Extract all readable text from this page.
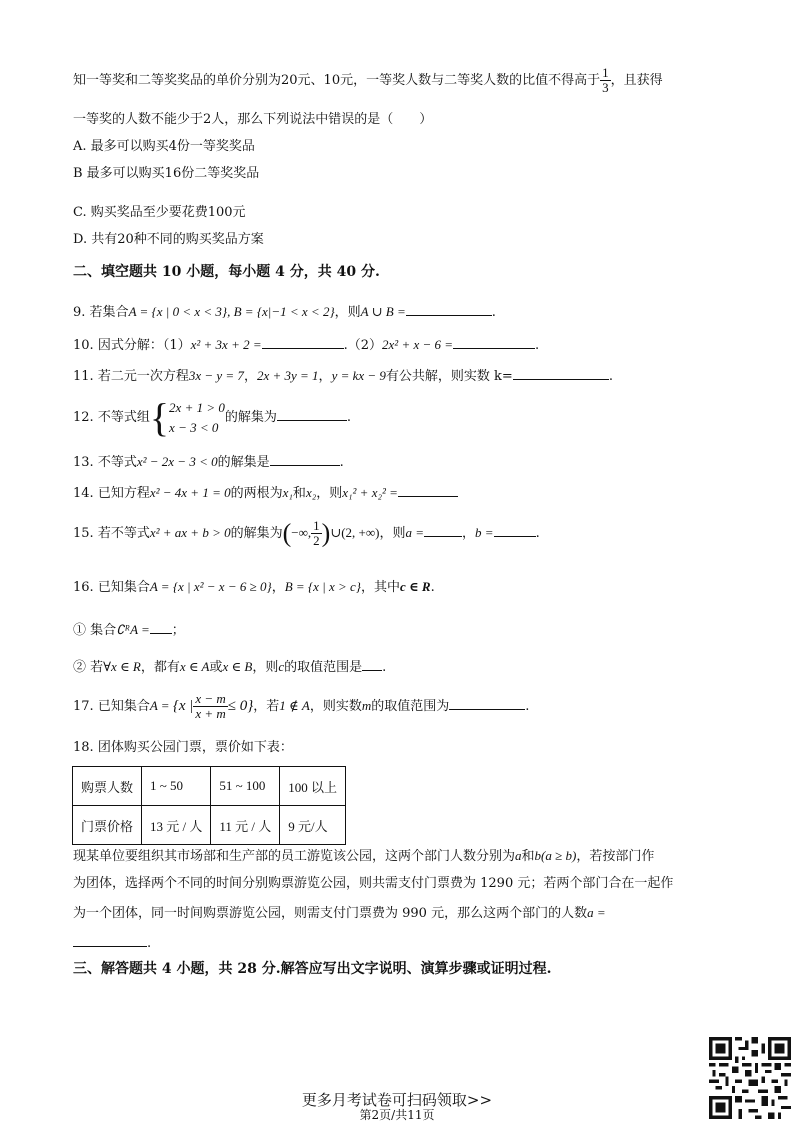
知一等奖和二等奖奖品的单价分别为20元、10元，一等奖人数与二等奖人数的比值不得高于 $\frac{1}{3}$ ，且获得
一等奖的人数不能少于2人，那么下列说法中错误的是（　　）
A. 最多可以购买4份一等奖奖品
B 最多可以购买16份二等奖奖品
C. 购买奖品至少要花费100元
D. 共有20种不同的购买奖品方案
二、填空题共 10 小题，每小题 4 分，共 40 分.
9. 若集合A = {x | 0 < x < 3}, B = {x|−1 < x < 2}，则A ∪ B =	.
10. 因式分解：（1）x² + 3x + 2 =	.（2）2x² + x − 6 =	.
11. 若二元一次方程3x − y = 7，2x + 3y = 1，y = kx − 9有公共解，则实数 k=	.
12. 不等式组{ 2x + 1 > 0
x − 3 < 0
的解集为	.
13. 不等式x² − 2x − 3 < 0的解集是	.
14. 已知方程x² − 4x + 1 = 0的两根为x₁和x₂，则x₁² + x₂² =
15. 若不等式x² + ax + b > 0的解集为(−∞, $\frac{1}{2}$ )∪(2, +∞)，则a =	，b =	.
16. 已知集合A = {x | x² − x − 6 ≥ 0}，B = {x | x > c}，其中c ∈ R.
① 集合∁ᴿA = ；
② 若∀x ∈ R，都有x ∈ A或x ∈ B，则c的取值范围是 .
17. 已知集合A = {x | $\frac{x - m}{x + m} \le 0$}，若1 ∉ A，则实数m的取值范围为	.
18. 团体购买公园门票，票价如下表：
购票人数	1 ~ 50	51 ~ 100	100 以上
门票价格	13 元 / 人	11 元 / 人	9 元/人
现某单位要组织其市场部和生产部的员工游览该公园，这两个部门人数分别为a和b(a ≥ b)，若按部门作
为团体，选择两个不同的时间分别购票游览公园，则共需支付门票费为 1290 元；若两个部门合在一起作
为一个团体，同一时间购票游览公园，则需支付门票费为 990 元，那么这两个部门的人数a =
.
三、解答题共 4 小题，共 28 分.解答应写出文字说明、演算步骤或证明过程.
更多月考试卷可扫码领取>>
第2页/共11页
